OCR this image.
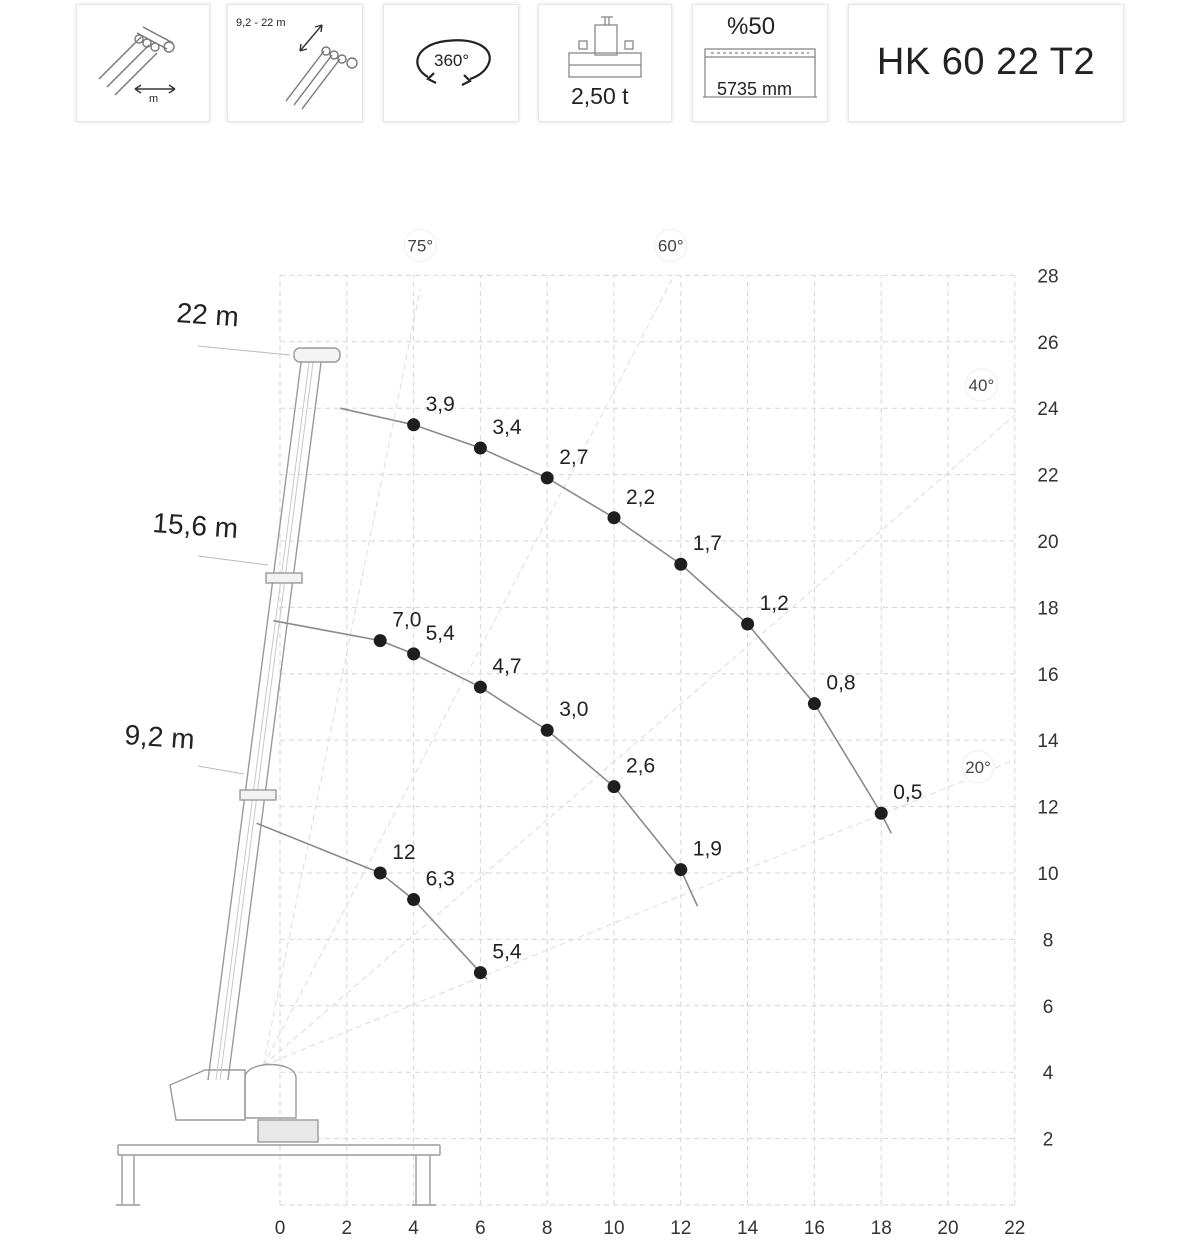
m
9,2 - 22 m
360°
2,50 t
%50
5735 mm
HK 60 22 T2
22 m
15,6 m
9,2 m
75°	60°
40°
20°
3,9
3,4
2,7
2,2
1,7
1,2
0,8
0,5
7,0
5,4
4,7
3,0
2,6
1,9
12
6,3
5,4
0	2	4	6	8	10 12 14 16 18 20 22
2
4
6
8
10
12
14
16
18
20
22
24
26
28
